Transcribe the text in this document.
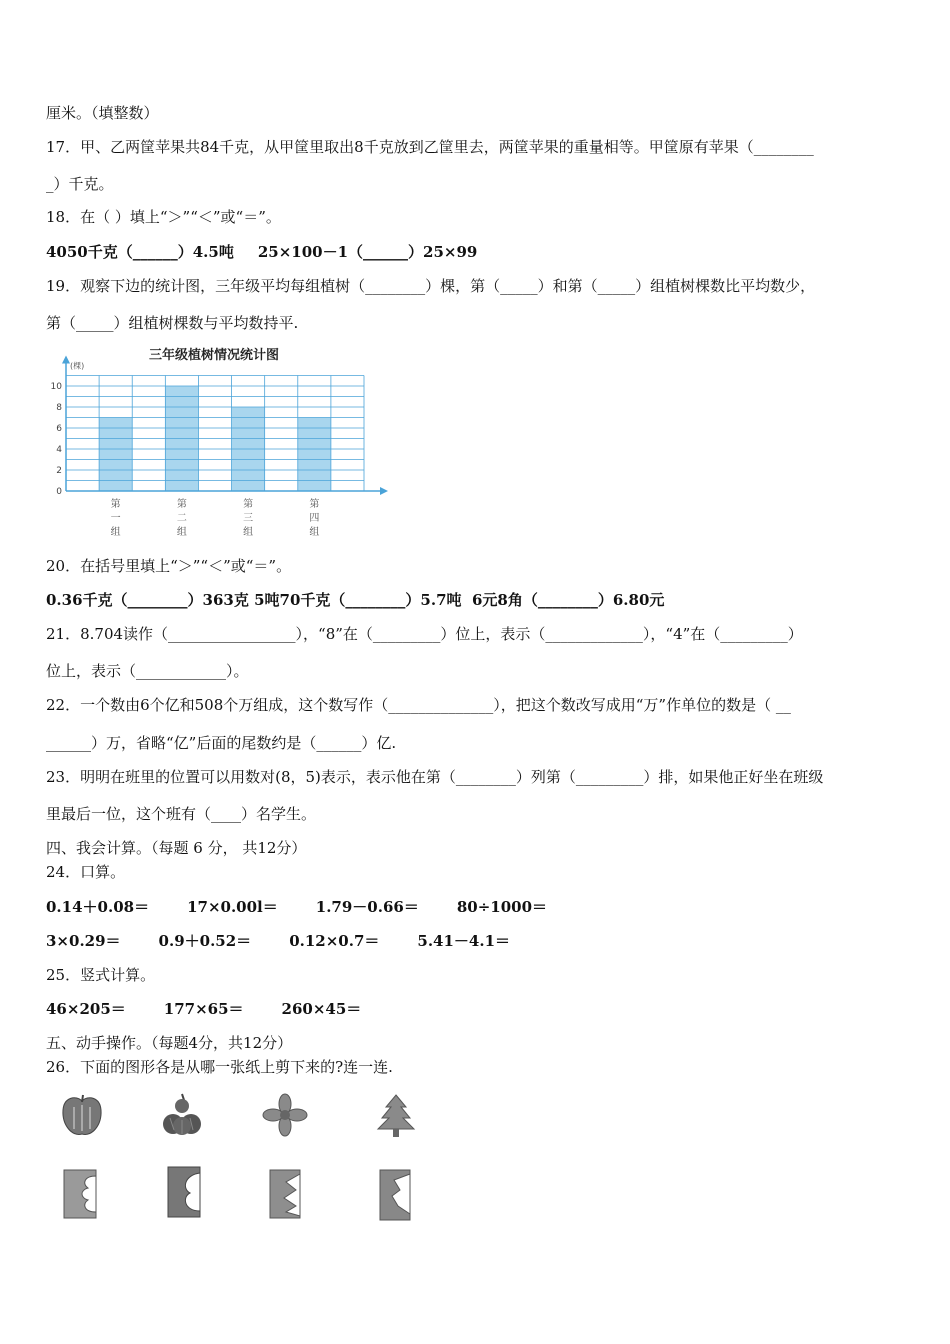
厘米。（填整数）
17．甲、乙两筐苹果共84千克，从甲筐里取出8千克放到乙筐里去，两筐苹果的重量相等。甲筐原有苹果（________
_）千克。
18．在（ ）填上“＞”“＜”或“＝”。
4050千克（______）4.5吨 25×100－1（______）25×99
19．观察下边的统计图，三年级平均每组植树（________）棵，第（_____）和第（_____）组植树棵数比平均数少，
第（_____）组植树棵数与平均数持平.
三年级植树情况统计图
(棵)
0
2
4
6
8
10
第
一
组
第
二
组
第
三
组
第
四
组
20．在括号里填上“＞”“＜”或“＝”。
0.36千克（________）363克 5吨70千克（________）5.7吨 6元8角（________）6.80元
21．8.704读作（_________________），“8”在（_________）位上，表示（_____________），“4”在（_________）
位上，表示（____________）。
22．一个数由6个亿和508个万组成，这个数写作（______________），把这个数改写成用“万”作单位的数是（ __
______）万，省略“亿”后面的尾数约是（______）亿.
23．明明在班里的位置可以用数对(8，5)表示，表示他在第（________）列第（_________）排，如果他正好坐在班级
里最后一位，这个班有（____）名学生。
四、我会计算。（每题 6 分， 共12分）
24．口算。
0.14＋0.08＝	17×0.00l＝	1.79－0.66＝	80÷1000＝
3×0.29＝	0.9＋0.52＝	0.12×0.7＝	5.41－4.1＝
25．竖式计算。
46×205＝	177×65＝	260×45＝
五、动手操作。（每题4分，共12分）
26．下面的图形各是从哪一张纸上剪下来的?连一连.
